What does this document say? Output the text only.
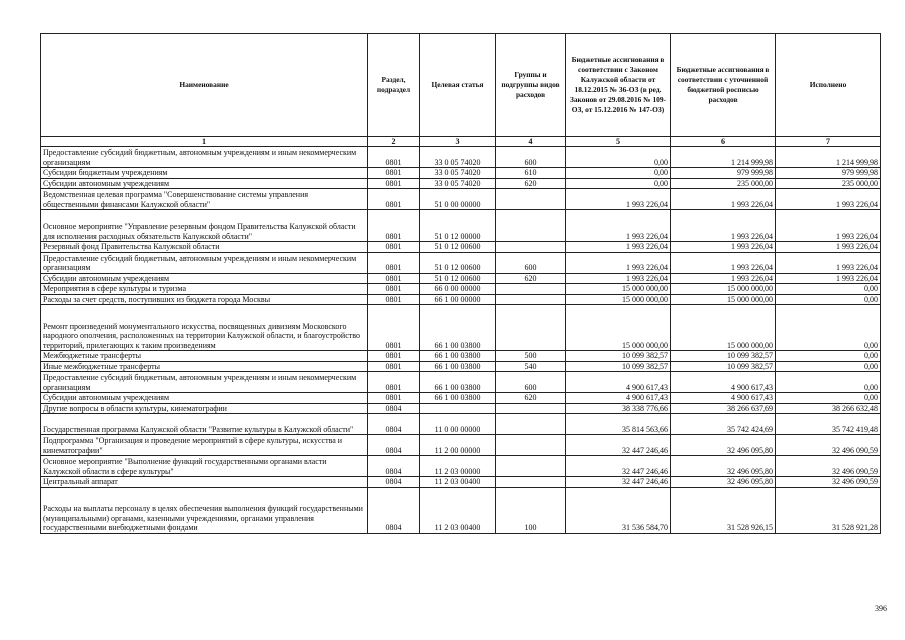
Наименование	Раздел, подраздел	Целевая статья	Группы и подгруппы видов расходов	Бюджетные ассигнования в соответствии с Законом Калужской области от 18.12.2015 № 36-ОЗ (в ред. Законов от 29.08.2016 № 109-ОЗ, от 15.12.2016 № 147-ОЗ)	Бюджетные ассигнования в соответствии с уточненной бюджетной росписью расходов	Исполнено
1	2	3	4	5	6	7
Предоставление субсидий бюджетным, автономным учреждениям и иным некоммерческим организациям	0801	33 0 05 74020	600	0,00	1 214 999,98	1 214 999,98
Субсидии бюджетным учреждениям	0801	33 0 05 74020	610	0,00	979 999,98	979 999,98
Субсидии автономным учреждениям	0801	33 0 05 74020	620	0,00	235 000,00	235 000,00
Ведомственная целевая программа "Совершенствование системы управления общественными финансами Калужской области"	0801	51 0 00 00000		1 993 226,04	1 993 226,04	1 993 226,04
Основное мероприятие "Управление резервным фондом Правительства Калужской области для исполнения расходных обязательств Калужской области"	0801	51 0 12 00000		1 993 226,04	1 993 226,04	1 993 226,04
Резервный фонд Правительства Калужской области	0801	51 0 12 00600		1 993 226,04	1 993 226,04	1 993 226,04
Предоставление субсидий бюджетным, автономным учреждениям и иным некоммерческим организациям	0801	51 0 12 00600	600	1 993 226,04	1 993 226,04	1 993 226,04
Субсидии автономным учреждениям	0801	51 0 12 00600	620	1 993 226,04	1 993 226,04	1 993 226,04
Мероприятия в сфере культуры и туризма	0801	66 0 00 00000		15 000 000,00	15 000 000,00	0,00
Расходы за счет средств, поступивших из бюджета города Москвы	0801	66 1 00 00000		15 000 000,00	15 000 000,00	0,00
Ремонт произведений монументального искусства, посвященных дивизиям Московского народного ополчения, расположенных на территории Калужской области, и благоустройство территорий, прилегающих к таким произведениям	0801	66 1 00 03800		15 000 000,00	15 000 000,00	0,00
Межбюджетные трансферты	0801	66 1 00 03800	500	10 099 382,57	10 099 382,57	0,00
Иные межбюджетные трансферты	0801	66 1 00 03800	540	10 099 382,57	10 099 382,57	0,00
Предоставление субсидий бюджетным, автономным учреждениям и иным некоммерческим организациям	0801	66 1 00 03800	600	4 900 617,43	4 900 617,43	0,00
Субсидии автономным учреждениям	0801	66 1 00 03800	620	4 900 617,43	4 900 617,43	0,00
Другие вопросы в области культуры, кинематографии	0804			38 338 776,66	38 266 637,69	38 266 632,48
Государственная программа Калужской области "Развитие культуры в Калужской области"	0804	11 0 00 00000		35 814 563,66	35 742 424,69	35 742 419,48
Подпрограмма "Организация и проведение мероприятий в сфере культуры, искусства и кинематографии"	0804	11 2 00 00000		32 447 246,46	32 496 095,80	32 496 090,59
Основное мероприятие "Выполнение функций государственными органами власти Калужской области в сфере культуры"	0804	11 2 03 00000		32 447 246,46	32 496 095,80	32 496 090,59
Центральный аппарат	0804	11 2 03 00400		32 447 246,46	32 496 095,80	32 496 090,59
Расходы на выплаты персоналу в целях обеспечения выполнения функций государственными (муниципальными) органами, казенными учреждениями, органами управления государственными внебюджетными фондами	0804	11 2 03 00400	100	31 536 584,70	31 528 926,15	31 528 921,28
396
